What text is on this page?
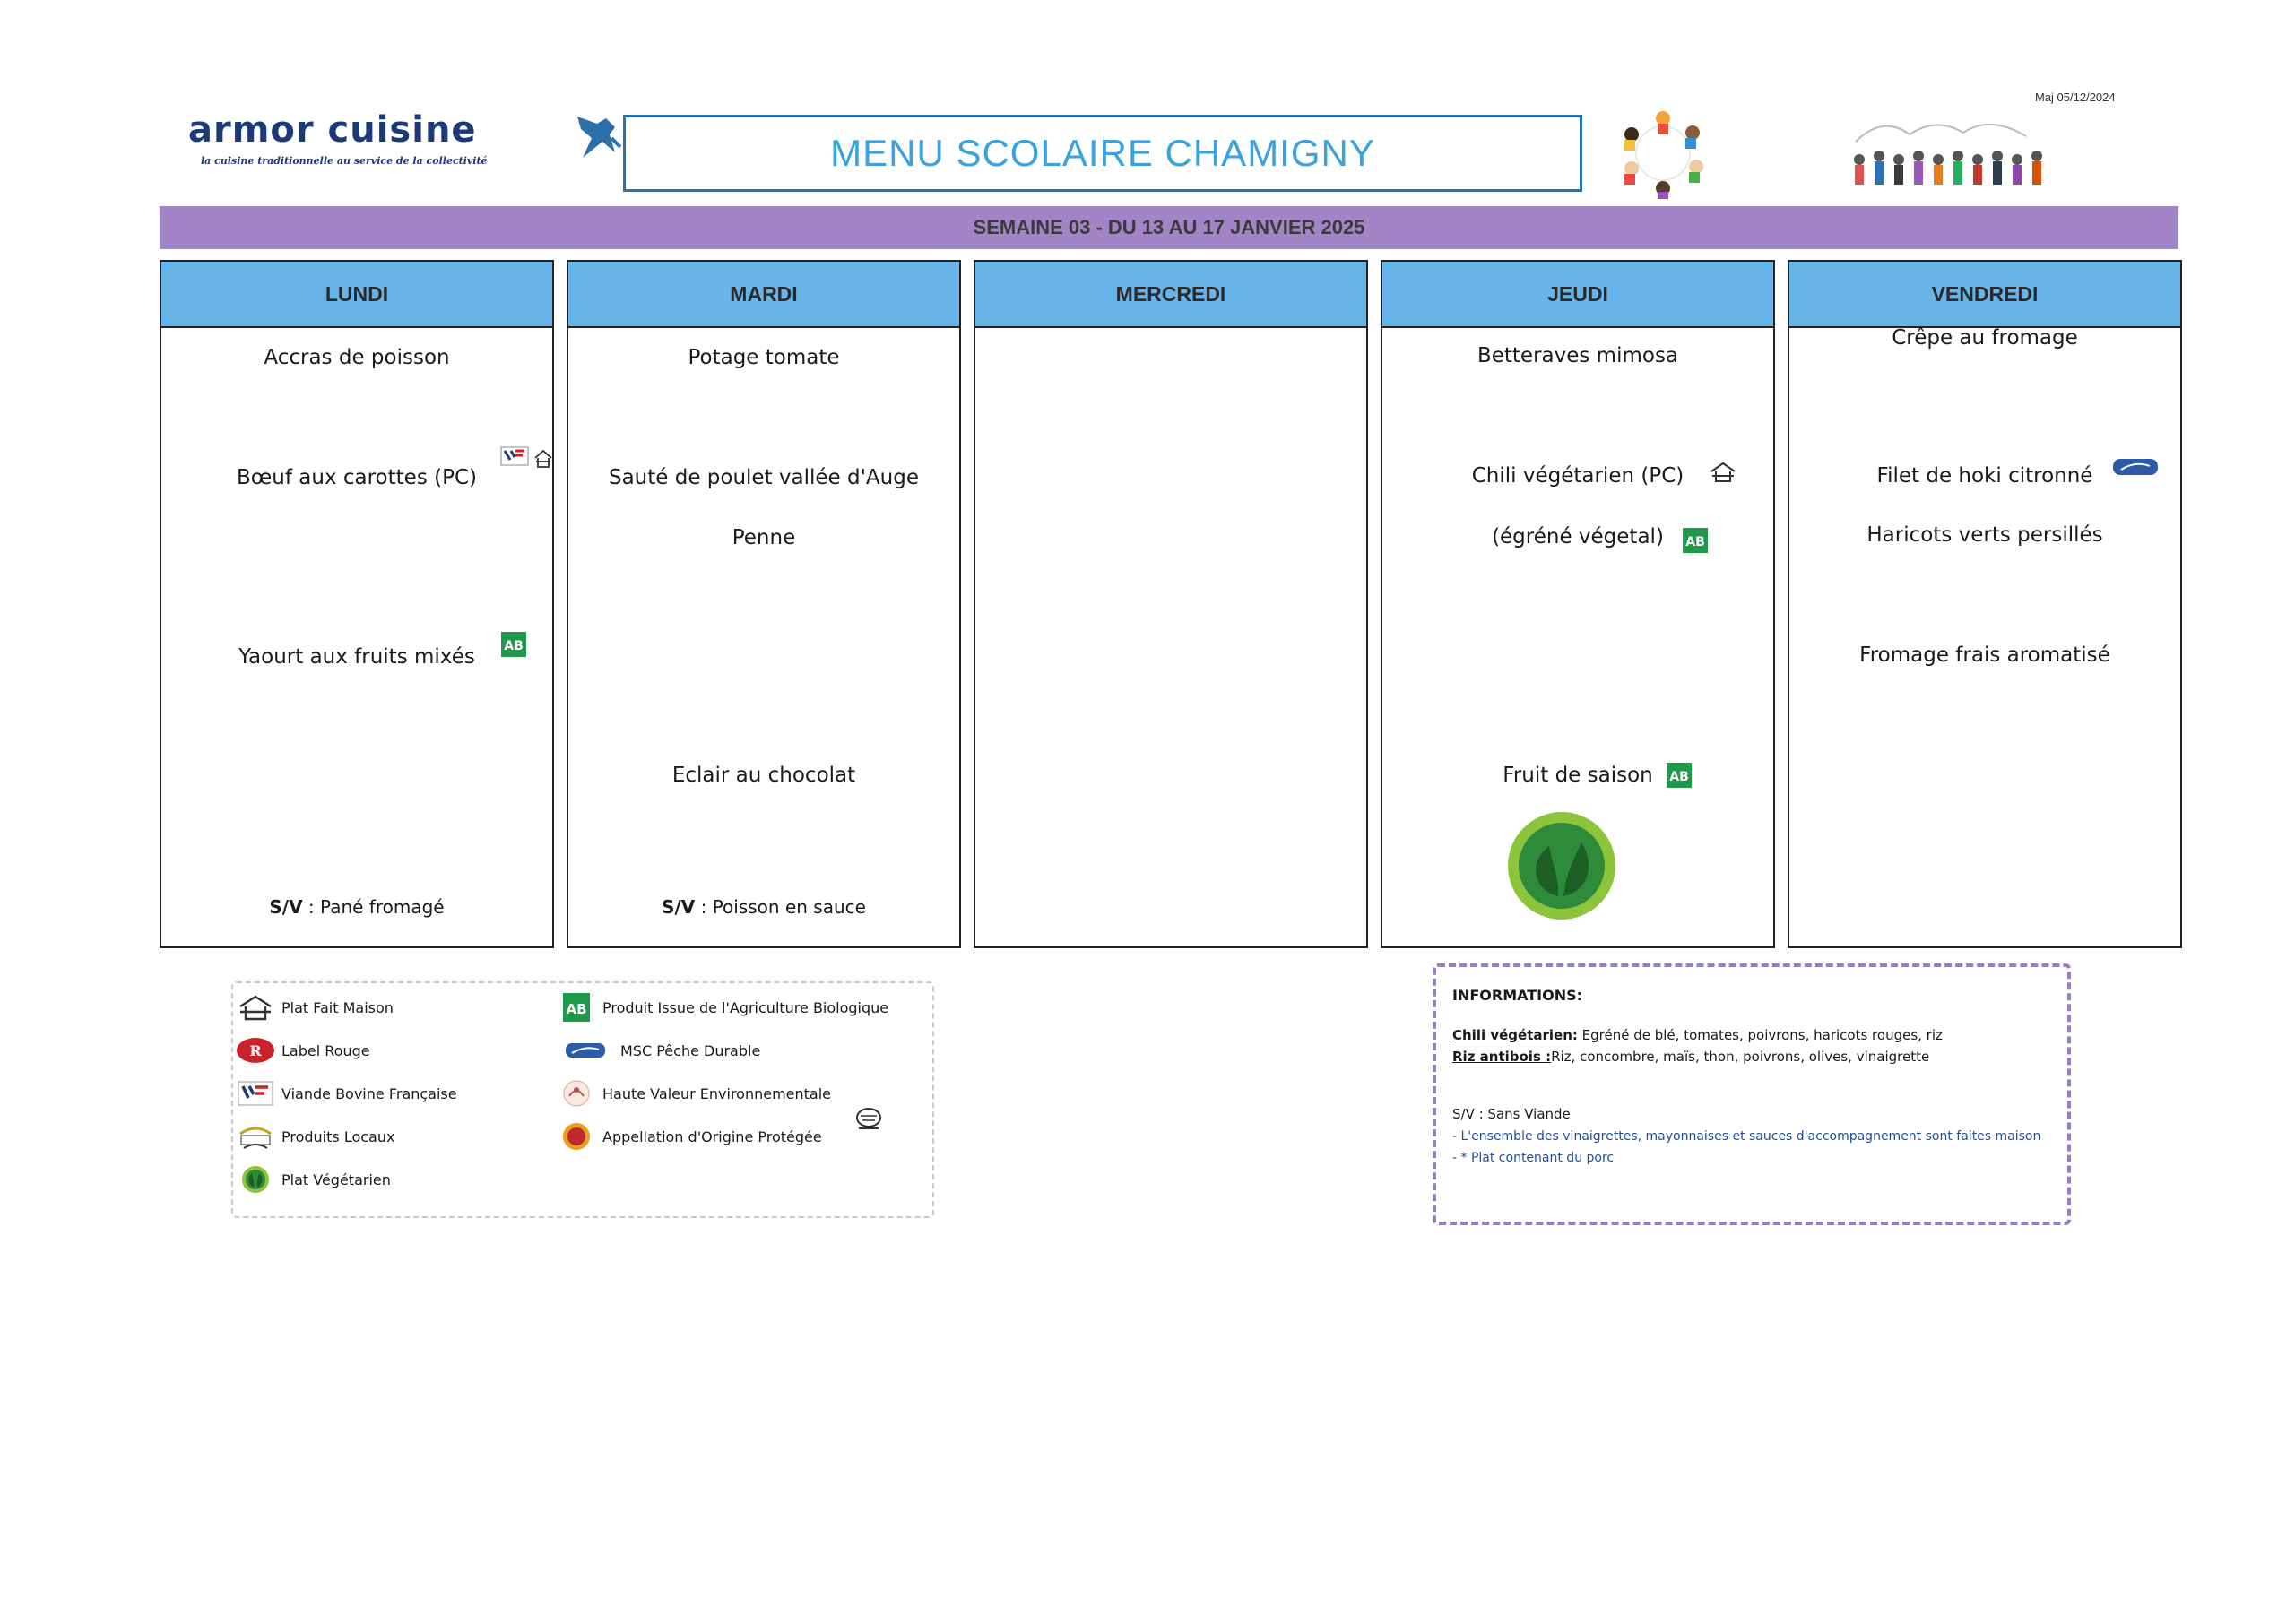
Maj 05/12/2024
armor cuisine
la cuisine traditionnelle au service de la collectivité	MENU SCOLAIRE CHAMIGNY
SEMAINE 03 - DU 13 AU 17 JANVIER 2025
LUNDI
Accras de poisson
Bœuf aux carottes (PC)
Yaourt aux fruits mixés
S/V : Pané fromagé
AB
MARDI
Potage tomate
Sauté de poulet vallée d'Auge
Penne
Eclair au chocolat
S/V : Poisson en sauce
MERCREDI	JEUDI
Betteraves mimosa
Chili végétarien (PC)
(égréné végetal)
Fruit de saison
AB
AB
VENDREDI
Crêpe au fromage
Filet de hoki citronné
Haricots verts persillés
Fromage frais aromatisé
Plat Fait Maison
R Label Rouge
Viande Bovine Française
Produits Locaux
Plat Végétarien
AB Produit Issue de l'Agriculture Biologique
MSC Pêche Durable
Haute Valeur Environnementale
Appellation d'Origine Protégée
INFORMATIONS:
Chili végétarien: Egréné de blé, tomates, poivrons, haricots rouges, riz
Riz antibois :Riz, concombre, maïs, thon, poivrons, olives, vinaigrette
S/V : Sans Viande
- L'ensemble des vinaigrettes, mayonnaises et sauces d'accompagnement sont faites maison
- * Plat contenant du porc
